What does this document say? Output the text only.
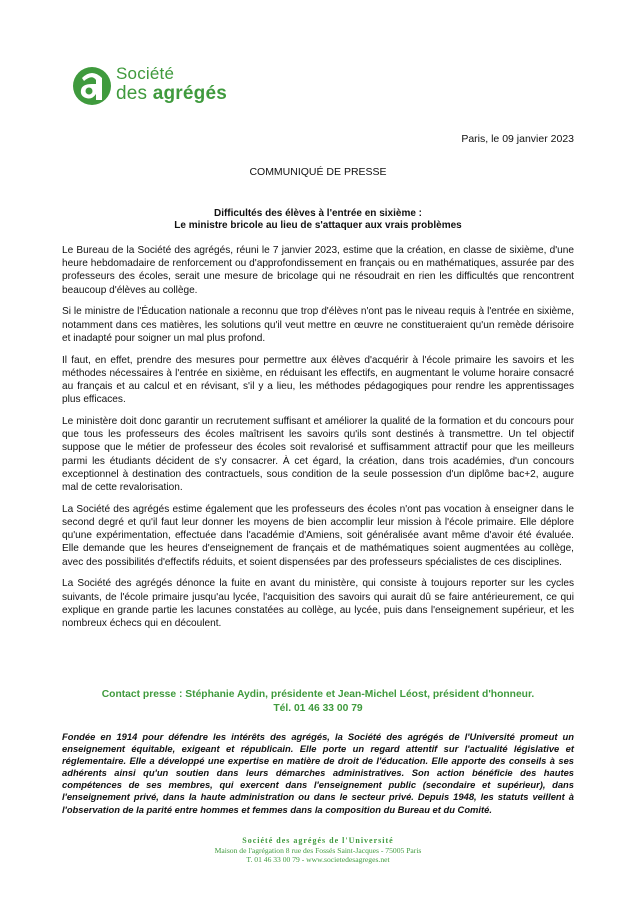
Société
des agrégés
Paris, le 09 janvier 2023
COMMUNIQUÉ DE PRESSE
Difficultés des élèves à l'entrée en sixième :
Le ministre bricole au lieu de s'attaquer aux vrais problèmes

Le Bureau de la Société des agrégés, réuni le 7 janvier 2023, estime que la création, en classe de sixième, d'une heure hebdomadaire de renforcement ou d'approfondissement en français ou en mathématiques, assurée par des professeurs des écoles, serait une mesure de bricolage qui ne résoudrait en rien les difficultés que rencontrent beaucoup d'élèves au collège.

Si le ministre de l'Éducation nationale a reconnu que trop d'élèves n'ont pas le niveau requis à l'entrée en sixième, notamment dans ces matières, les solutions qu'il veut mettre en œuvre ne constitueraient qu'un remède dérisoire et inadapté pour soigner un mal plus profond.

Il faut, en effet, prendre des mesures pour permettre aux élèves d'acquérir à l'école primaire les savoirs et les méthodes nécessaires à l'entrée en sixième, en réduisant les effectifs, en augmentant le volume horaire consacré au français et au calcul et en révisant, s'il y a lieu, les méthodes pédagogiques pour rendre les apprentissages plus efficaces.

Le ministère doit donc garantir un recrutement suffisant et améliorer la qualité de la formation et du concours pour que tous les professeurs des écoles maîtrisent les savoirs qu'ils sont destinés à transmettre. Un tel objectif suppose que le métier de professeur des écoles soit revalorisé et suffisamment attractif pour que les meilleurs parmi les étudiants décident de s'y consacrer. À cet égard, la création, dans trois académies, d'un concours exceptionnel à destination des contractuels, sous condition de la seule possession d'un diplôme bac+2, augure mal de cette revalorisation.

La Société des agrégés estime également que les professeurs des écoles n'ont pas vocation à enseigner dans le second degré et qu'il faut leur donner les moyens de bien accomplir leur mission à l'école primaire. Elle déplore qu'une expérimentation, effectuée dans l'académie d'Amiens, soit généralisée avant même d'avoir été évaluée. Elle demande que les heures d'enseignement de français et de mathématiques soient augmentées au collège, avec des possibilités d'effectifs réduits, et soient dispensées par des professeurs spécialistes de ces disciplines.

La Société des agrégés dénonce la fuite en avant du ministère, qui consiste à toujours reporter sur les cycles suivants, de l'école primaire jusqu'au lycée, l'acquisition des savoirs qui aurait dû se faire antérieurement, ce qui explique en grande partie les lacunes constatées au collège, au lycée, puis dans l'enseignement supérieur, et les nombreux échecs qui en découlent.

Contact presse : Stéphanie Aydin, présidente et Jean-Michel Léost, président d'honneur.
Tél. 01 46 33 00 79
Fondée en 1914 pour défendre les intérêts des agrégés, la Société des agrégés de l'Université promeut un enseignement équitable, exigeant et républicain. Elle porte un regard attentif sur l'actualité législative et réglementaire. Elle a développé une expertise en matière de droit de l'éducation. Elle apporte des conseils à ses adhérents ainsi qu'un soutien dans leurs démarches administratives. Son action bénéficie des hautes compétences de ses membres, qui exercent dans l'enseignement public (secondaire et supérieur), dans l'enseignement privé, dans la haute administration ou dans le secteur privé. Depuis 1948, les statuts veillent à l'observation de la parité entre hommes et femmes dans la composition du Bureau et du Comité.
Société des agrégés de l'Université
Maison de l'agrégation 8 rue des Fossés Saint-Jacques - 75005 Paris
T. 01 46 33 00 79 - www.societedesagreges.net
